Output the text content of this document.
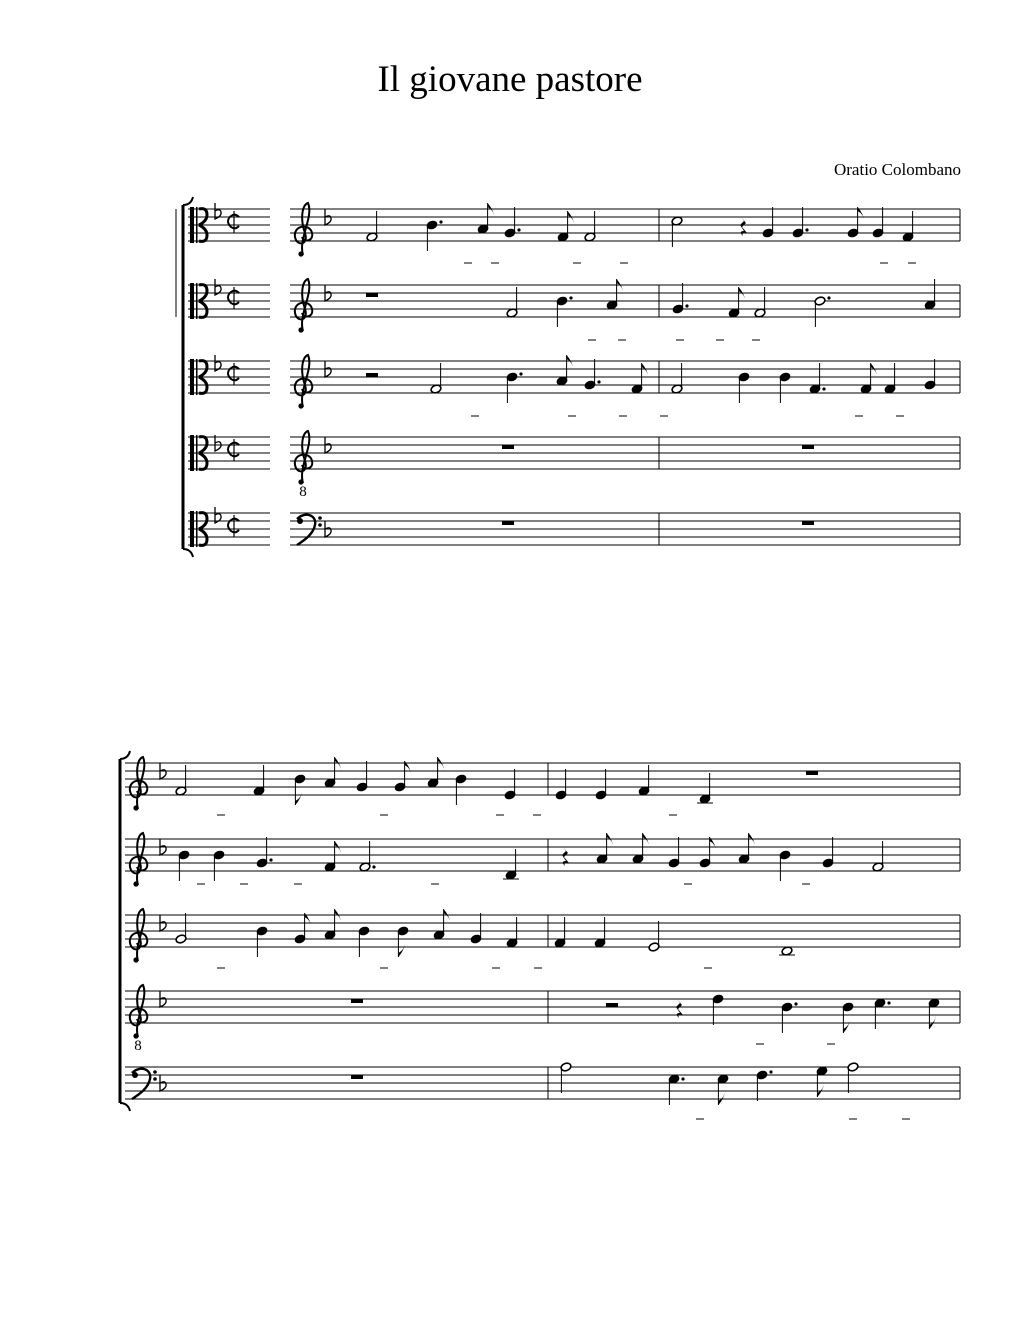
Il giovane pastore
Oratio Colombano
8
8
